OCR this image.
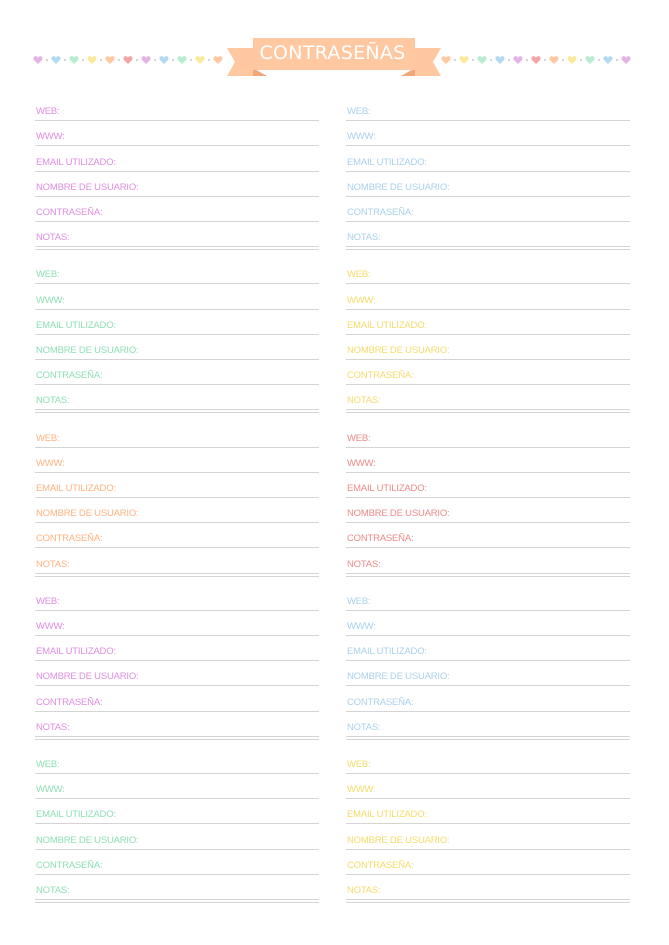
CONTRASEÑAS
WEB:
WWW:
EMAIL UTILIZADO:
NOMBRE DE USUARIO:
CONTRASEÑA:
NOTAS:
WEB:
WWW:
EMAIL UTILIZADO:
NOMBRE DE USUARIO:
CONTRASEÑA:
NOTAS:
WEB:
WWW:
EMAIL UTILIZADO:
NOMBRE DE USUARIO:
CONTRASEÑA:
NOTAS:
WEB:
WWW:
EMAIL UTILIZADO:
NOMBRE DE USUARIO:
CONTRASEÑA:
NOTAS:
WEB:
WWW:
EMAIL UTILIZADO:
NOMBRE DE USUARIO:
CONTRASEÑA:
NOTAS:
WEB:
WWW:
EMAIL UTILIZADO:
NOMBRE DE USUARIO:
CONTRASEÑA:
NOTAS:
WEB:
WWW:
EMAIL UTILIZADO:
NOMBRE DE USUARIO:
CONTRASEÑA:
NOTAS:
WEB:
WWW:
EMAIL UTILIZADO:
NOMBRE DE USUARIO:
CONTRASEÑA:
NOTAS:
WEB:
WWW:
EMAIL UTILIZADO:
NOMBRE DE USUARIO:
CONTRASEÑA:
NOTAS:
WEB:
WWW:
EMAIL UTILIZADO:
NOMBRE DE USUARIO:
CONTRASEÑA:
NOTAS:
